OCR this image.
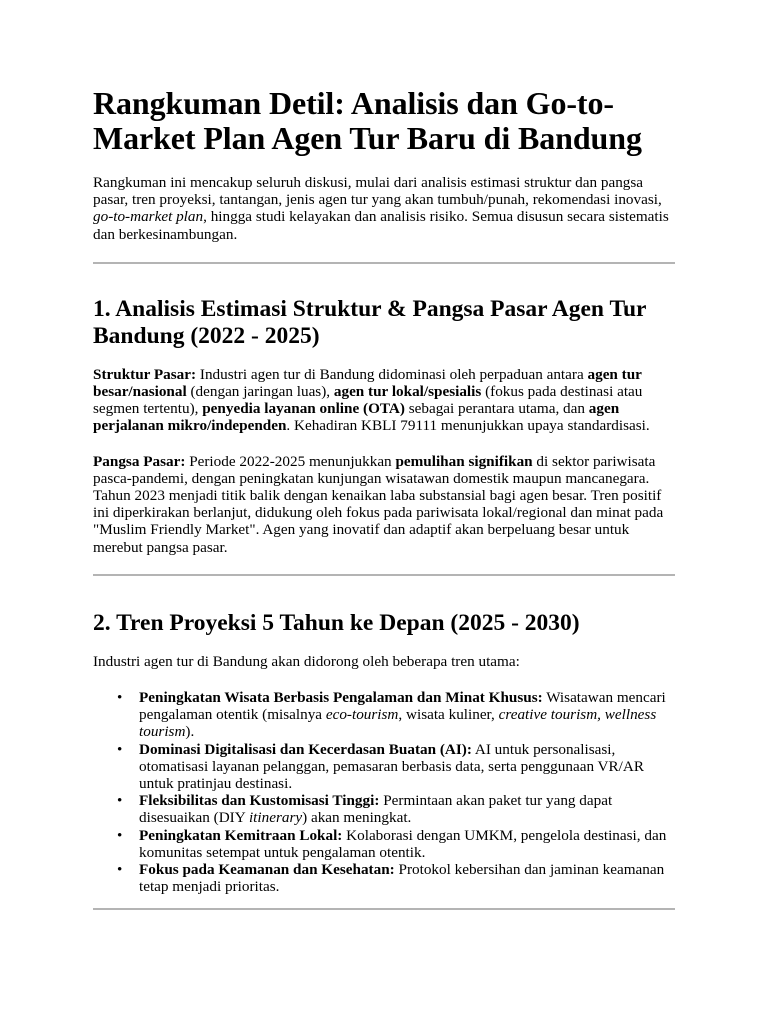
Rangkuman Detil: Analisis dan Go-to-Market Plan Agen Tur Baru di Bandung

Rangkuman ini mencakup seluruh diskusi, mulai dari analisis estimasi struktur dan pangsa pasar, tren proyeksi, tantangan, jenis agen tur yang akan tumbuh/punah, rekomendasi inovasi, go-to-market plan, hingga studi kelayakan dan analisis risiko. Semua disusun secara sistematis dan berkesinambungan.

1. Analisis Estimasi Struktur & Pangsa Pasar Agen Tur Bandung (2022 - 2025)

Struktur Pasar: Industri agen tur di Bandung didominasi oleh perpaduan antara agen tur besar/nasional (dengan jaringan luas), agen tur lokal/spesialis (fokus pada destinasi atau segmen tertentu), penyedia layanan online (OTA) sebagai perantara utama, dan agen perjalanan mikro/independen. Kehadiran KBLI 79111 menunjukkan upaya standardisasi.

Pangsa Pasar: Periode 2022-2025 menunjukkan pemulihan signifikan di sektor pariwisata pasca-pandemi, dengan peningkatan kunjungan wisatawan domestik maupun mancanegara. Tahun 2023 menjadi titik balik dengan kenaikan laba substansial bagi agen besar. Tren positif ini diperkirakan berlanjut, didukung oleh fokus pada pariwisata lokal/regional dan minat pada "Muslim Friendly Market". Agen yang inovatif dan adaptif akan berpeluang besar untuk merebut pangsa pasar.

2. Tren Proyeksi 5 Tahun ke Depan (2025 - 2030)

Industri agen tur di Bandung akan didorong oleh beberapa tren utama:

• Peningkatan Wisata Berbasis Pengalaman dan Minat Khusus: Wisatawan mencari pengalaman otentik (misalnya eco-tourism, wisata kuliner, creative tourism, wellness tourism).
• Dominasi Digitalisasi dan Kecerdasan Buatan (AI): AI untuk personalisasi, otomatisasi layanan pelanggan, pemasaran berbasis data, serta penggunaan VR/AR untuk pratinjau destinasi.
• Fleksibilitas dan Kustomisasi Tinggi: Permintaan akan paket tur yang dapat disesuaikan (DIY itinerary) akan meningkat.
• Peningkatan Kemitraan Lokal: Kolaborasi dengan UMKM, pengelola destinasi, dan komunitas setempat untuk pengalaman otentik.
• Fokus pada Keamanan dan Kesehatan: Protokol kebersihan dan jaminan keamanan tetap menjadi prioritas.
